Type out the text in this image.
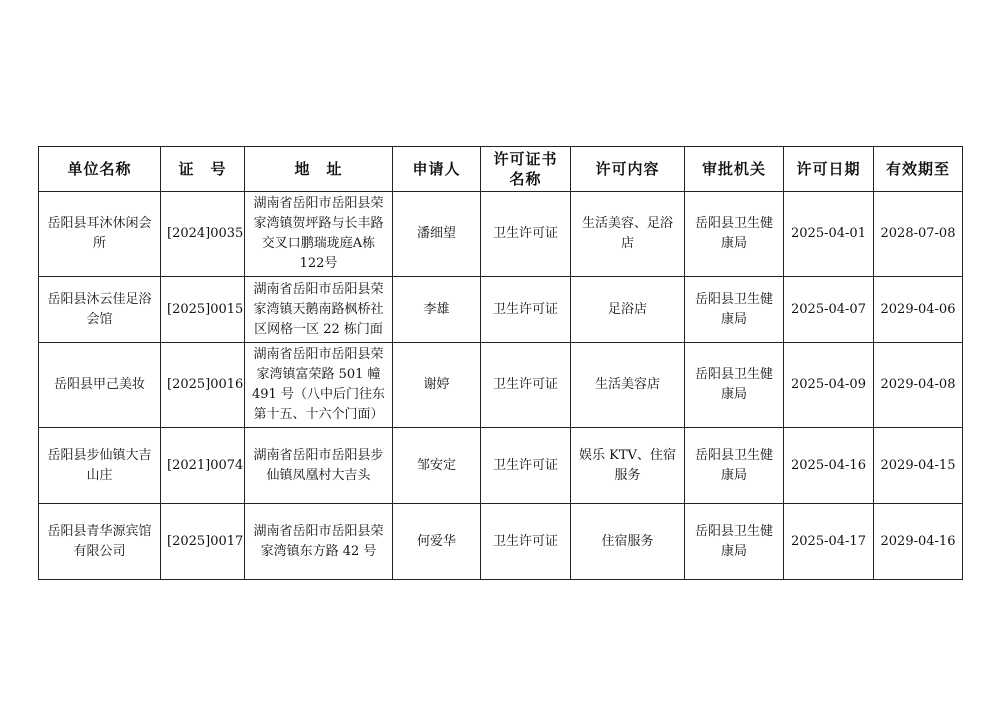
单位名称	证　号	地　址	申请人	许可证书名称	许可内容	审批机关	许可日期	有效期至
岳阳县耳沐休闲会所	[2024]0035	湖南省岳阳市岳阳县荣家湾镇贺坪路与长丰路交叉口鹏瑞珑庭A栋122号	潘细望	卫生许可证	生活美容、足浴店	岳阳县卫生健康局	2025-04-01	2028-07-08
岳阳县沐云佳足浴会馆	[2025]0015	湖南省岳阳市岳阳县荣家湾镇天鹅南路枫桥社区网格一区 22 栋门面	李雄	卫生许可证	足浴店	岳阳县卫生健康局	2025-04-07	2029-04-06
岳阳县甲己美妆	[2025]0016	湖南省岳阳市岳阳县荣家湾镇富荣路 501 幢 491 号（八中后门往东第十五、十六个门面）	谢婷	卫生许可证	生活美容店	岳阳县卫生健康局	2025-04-09	2029-04-08
岳阳县步仙镇大吉山庄	[2021]0074	湖南省岳阳市岳阳县步仙镇凤凰村大吉头	邹安定	卫生许可证	娱乐 KTV、住宿服务	岳阳县卫生健康局	2025-04-16	2029-04-15
岳阳县青华源宾馆有限公司	[2025]0017	湖南省岳阳市岳阳县荣家湾镇东方路 42 号	何爱华	卫生许可证	住宿服务	岳阳县卫生健康局	2025-04-17	2029-04-16
